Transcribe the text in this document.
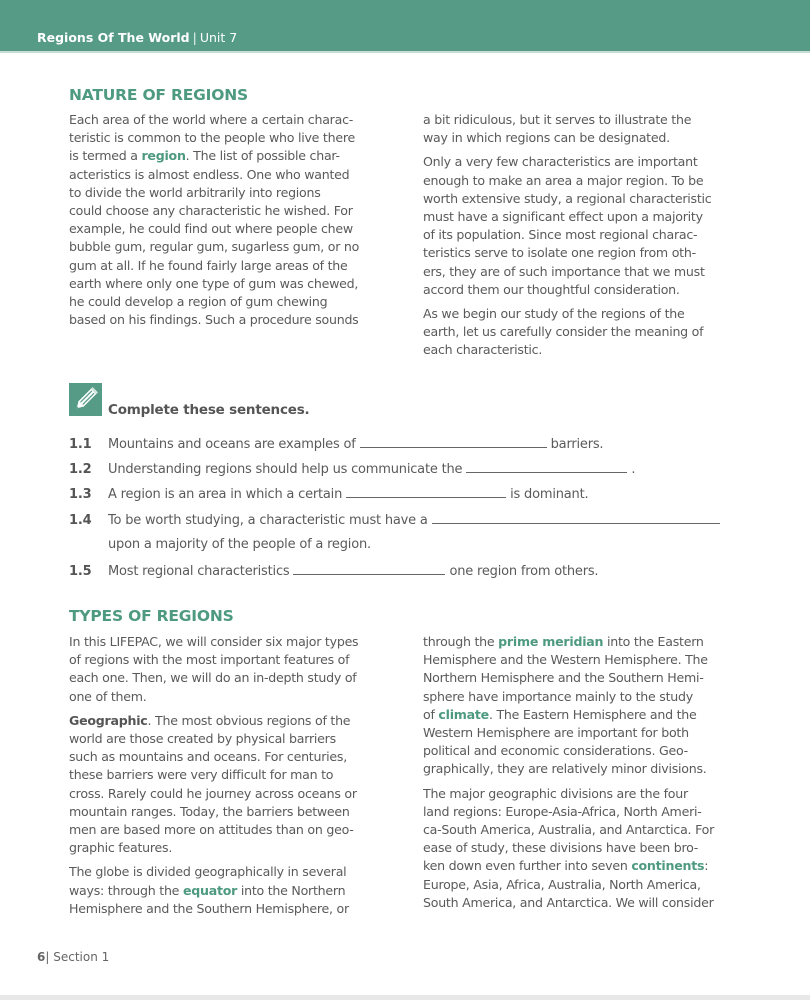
Regions Of The World | Unit 7
NATURE OF REGIONS

Each area of the world where a certain charac-
teristic is common to the people who live there
is termed a region. The list of possible char-
acteristics is almost endless. One who wanted
to divide the world arbitrarily into regions
could choose any characteristic he wished. For
example, he could find out where people chew
bubble gum, regular gum, sugarless gum, or no
gum at all. If he found fairly large areas of the
earth where only one type of gum was chewed,
he could develop a region of gum chewing
based on his findings. Such a procedure sounds

a bit ridiculous, but it serves to illustrate the
way in which regions can be designated.

Only a very few characteristics are important
enough to make an area a major region. To be
worth extensive study, a regional characteristic
must have a significant effect upon a majority
of its population. Since most regional charac-
teristics serve to isolate one region from oth-
ers, they are of such importance that we must
accord them our thoughtful consideration.

As we begin our study of the regions of the
earth, let us carefully consider the meaning of
each characteristic.

Complete these sentences.
1.1	Mountains and oceans are examples of	barriers.
1.2	Understanding regions should help us communicate the	.
1.3	A region is an area in which a certain	is dominant.
1.4	To be worth studying, a characteristic must have a
upon a majority of the people of a region.
1.5	Most regional characteristics	one region from others.
TYPES OF REGIONS

In this LIFEPAC, we will consider six major types
of regions with the most important features of
each one. Then, we will do an in-depth study of
one of them.

Geographic. The most obvious regions of the
world are those created by physical barriers
such as mountains and oceans. For centuries,
these barriers were very difficult for man to
cross. Rarely could he journey across oceans or
mountain ranges. Today, the barriers between
men are based more on attitudes than on geo-
graphic features.

The globe is divided geographically in several
ways: through the equator into the Northern
Hemisphere and the Southern Hemisphere, or

through the prime meridian into the Eastern
Hemisphere and the Western Hemisphere. The
Northern Hemisphere and the Southern Hemi-
sphere have importance mainly to the study
of climate. The Eastern Hemisphere and the
Western Hemisphere are important for both
political and economic considerations. Geo-
graphically, they are relatively minor divisions.

The major geographic divisions are the four
land regions: Europe-Asia-Africa, North Ameri-
ca-South America, Australia, and Antarctica. For
ease of study, these divisions have been bro-
ken down even further into seven continents:
Europe, Asia, Africa, Australia, North America,
South America, and Antarctica. We will consider

6| Section 1
